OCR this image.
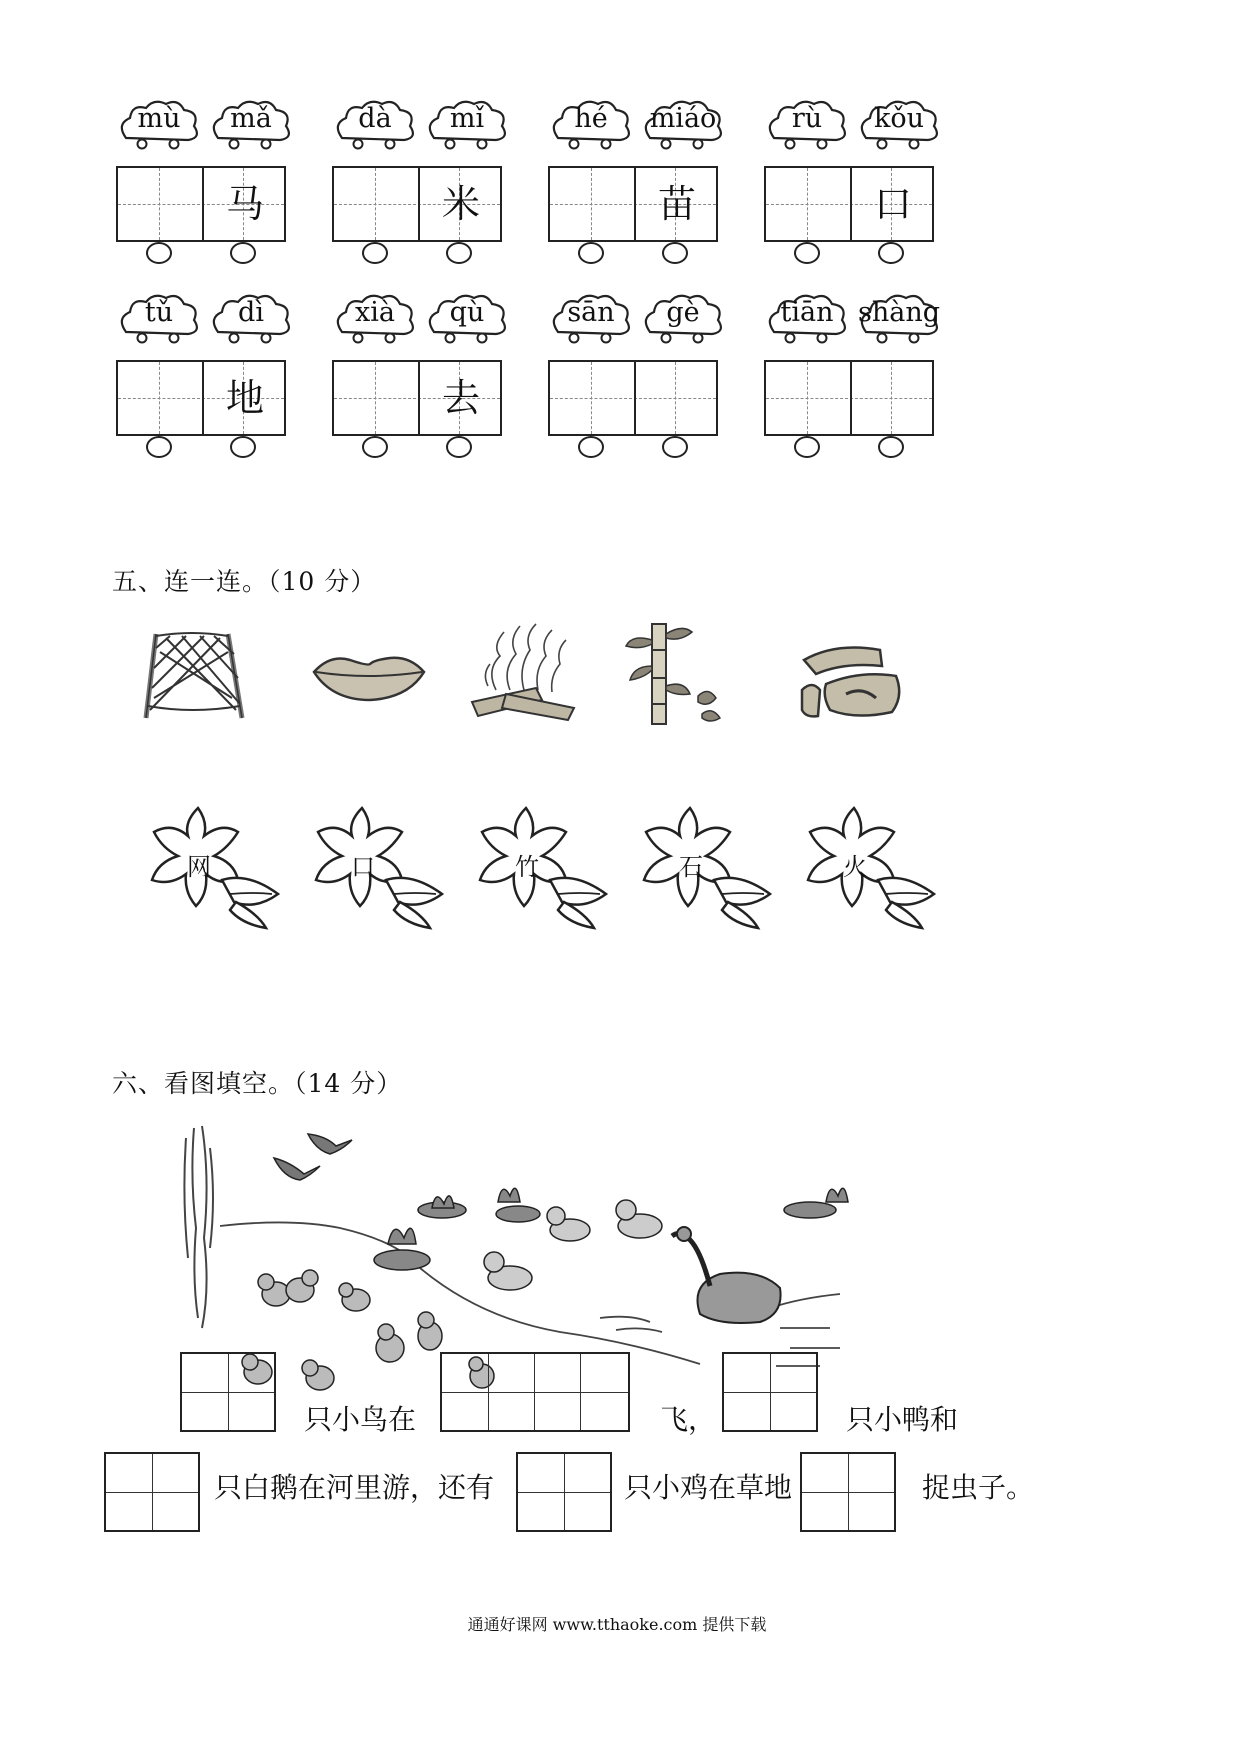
mù	mǎ
马
dà	mǐ
米
hé	miáo
苗
rù	kǒu
口
tǔ	dì
地
xià	qù
去
sān	gè	tiān shàng
五、连一连。（10 分）
网	口	竹	石	火
六、看图填空。（14 分）
只小鸟在	飞，	只小鸭和
只白鹅在河里游，还有	只小鸡在草地	捉虫子。
通通好课网 www.tthaoke.com 提供下载
